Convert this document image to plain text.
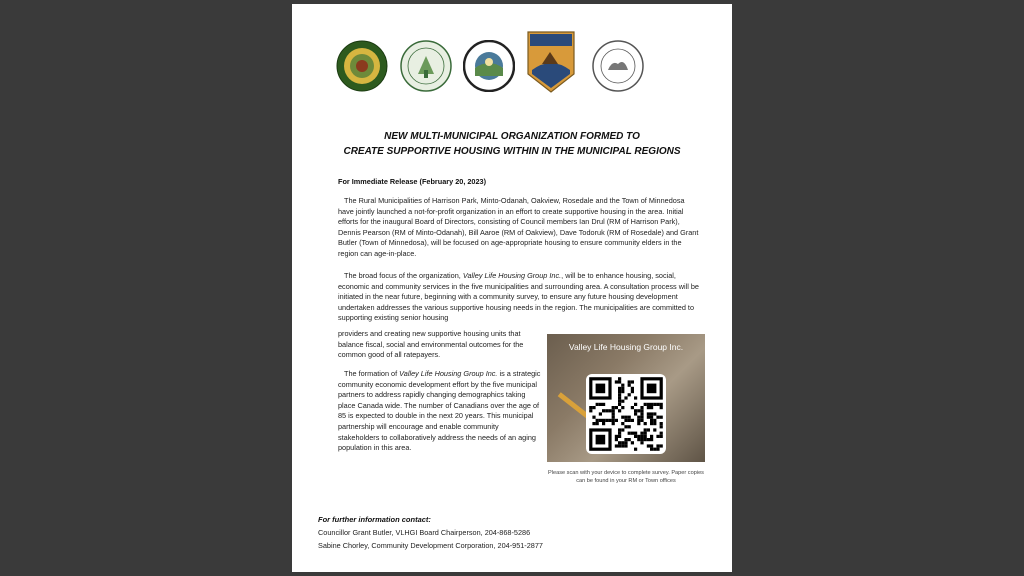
NEW MULTI-MUNICIPAL ORGANIZATION FORMED TO
CREATE SUPPORTIVE HOUSING WITHIN IN THE MUNICIPAL REGIONS
For Immediate Release (February 20, 2023)

The Rural Municipalities of Harrison Park, Minto-Odanah, Oakview, Rosedale and the Town of Minnedosa have jointly launched a not-for-profit organization in an effort to create supportive housing in the area. Initial efforts for the inaugural Board of Directors, consisting of Council members Ian Drul (RM of Harrison Park), Dennis Pearson (RM of Minto-Odanah), Bill Aaroe (RM of Oakview), Dave Todoruk (RM of Rosedale) and Grant Butler (Town of Minnedosa), will be focused on age-appropriate housing to ensure community elders in the region can age-in-place.

The broad focus of the organization, Valley Life Housing Group Inc., will be to enhance housing, social, economic and community services in the five municipalities and surrounding area. A consultation process will be initiated in the near future, beginning with a community survey, to ensure any future housing development undertaken addresses the various supportive housing needs in the region. The municipalities are committed to supporting existing senior housing

providers and creating new supportive housing units that balance fiscal, social and environmental outcomes for the common good of all ratepayers.

The formation of Valley Life Housing Group Inc. is a strategic community economic development effort by the five municipal partners to address rapidly changing demographics taking place Canada wide. The number of Canadians over the age of 85 is expected to double in the next 20 years. This municipal partnership will encourage and enable community stakeholders to collaboratively address the needs of an aging population in this area.

Valley Life Housing Group Inc.
Please scan with your device to complete survey. Paper copies can be found in your RM or Town offices
For further information contact:
Councillor Grant Butler, VLHGI Board Chairperson, 204-868-5286
Sabine Chorley, Community Development Corporation, 204-951-2877
